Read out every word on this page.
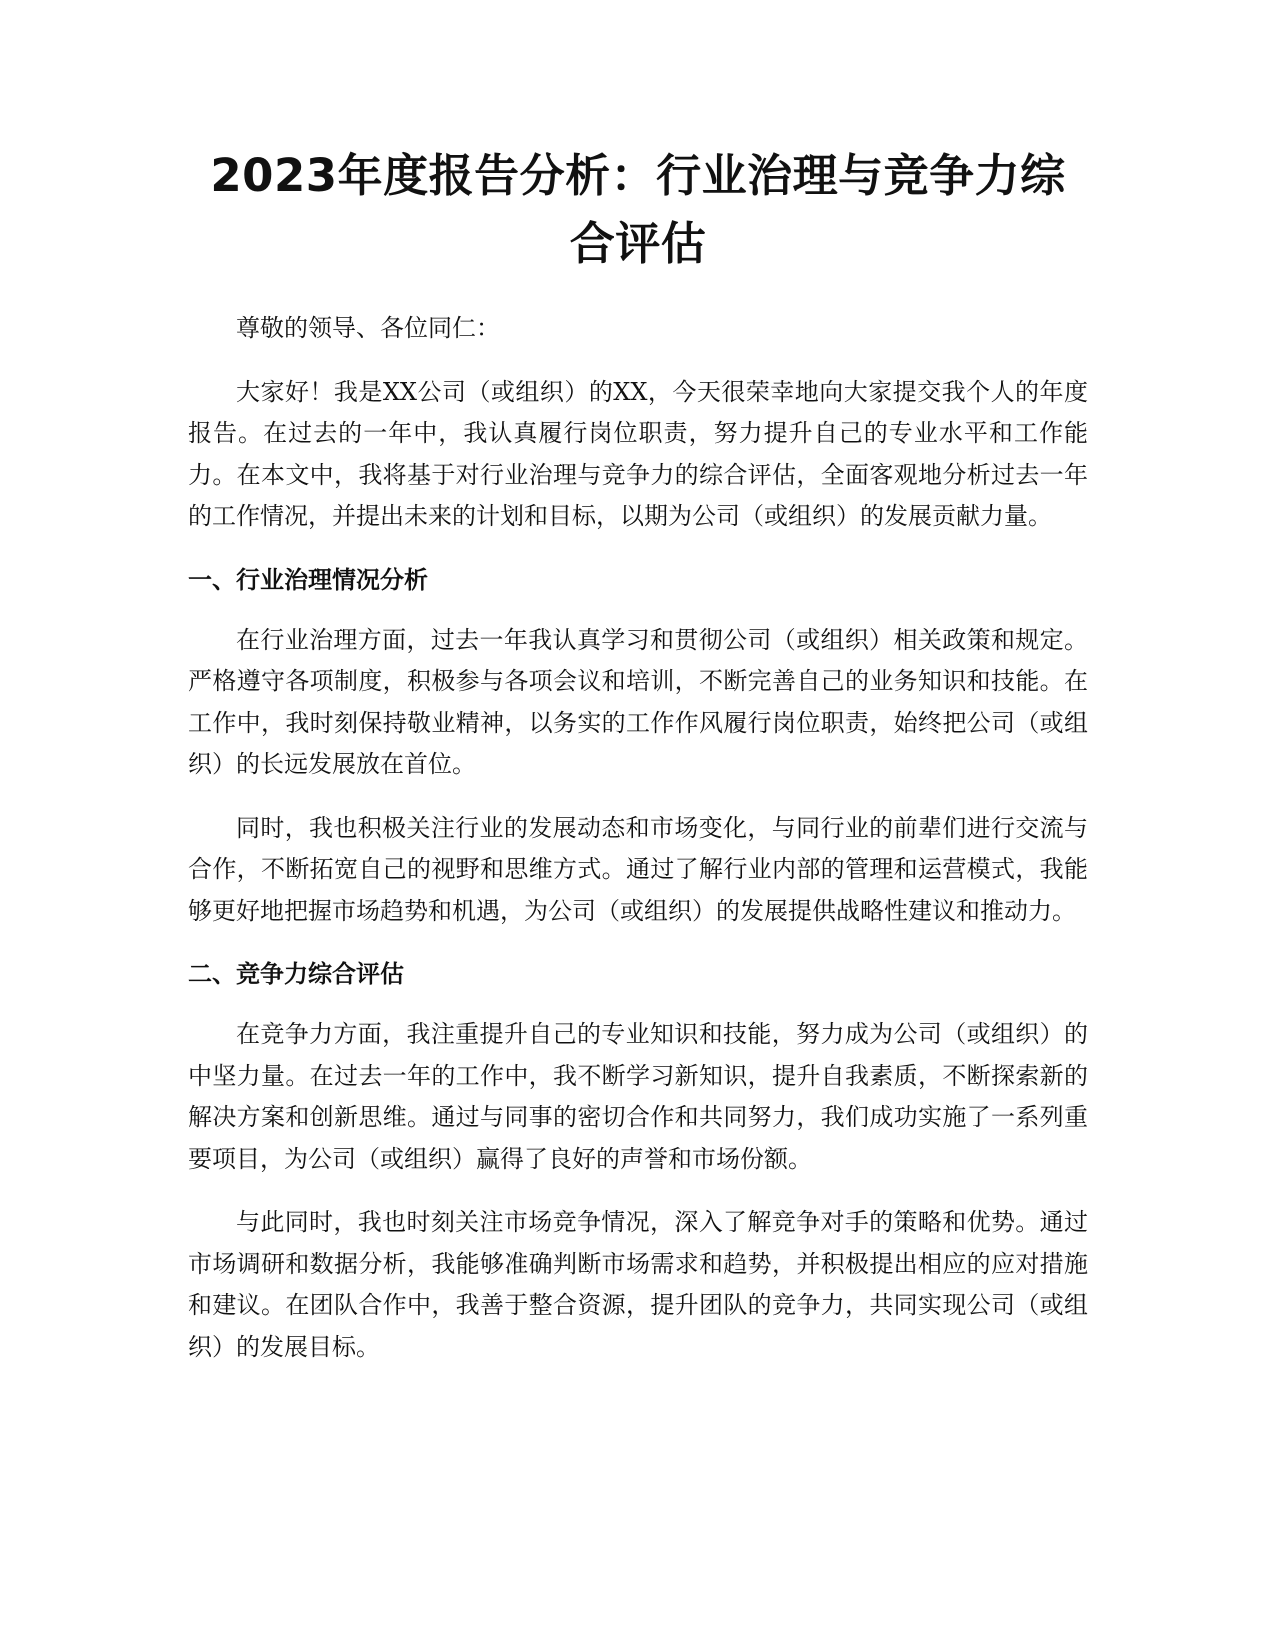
2023年度报告分析：行业治理与竞争力综合评估

尊敬的领导、各位同仁：

大家好！我是XX公司（或组织）的XX，今天很荣幸地向大家提交我个人的年度报告。在过去的一年中，我认真履行岗位职责，努力提升自己的专业水平和工作能力。在本文中，我将基于对行业治理与竞争力的综合评估，全面客观地分析过去一年的工作情况，并提出未来的计划和目标，以期为公司（或组织）的发展贡献力量。

一、行业治理情况分析

在行业治理方面，过去一年我认真学习和贯彻公司（或组织）相关政策和规定。严格遵守各项制度，积极参与各项会议和培训，不断完善自己的业务知识和技能。在工作中，我时刻保持敬业精神，以务实的工作作风履行岗位职责，始终把公司（或组织）的长远发展放在首位。

同时，我也积极关注行业的发展动态和市场变化，与同行业的前辈们进行交流与合作，不断拓宽自己的视野和思维方式。通过了解行业内部的管理和运营模式，我能够更好地把握市场趋势和机遇，为公司（或组织）的发展提供战略性建议和推动力。

二、竞争力综合评估

在竞争力方面，我注重提升自己的专业知识和技能，努力成为公司（或组织）的中坚力量。在过去一年的工作中，我不断学习新知识，提升自我素质，不断探索新的解决方案和创新思维。通过与同事的密切合作和共同努力，我们成功实施了一系列重要项目，为公司（或组织）赢得了良好的声誉和市场份额。

与此同时，我也时刻关注市场竞争情况，深入了解竞争对手的策略和优势。通过市场调研和数据分析，我能够准确判断市场需求和趋势，并积极提出相应的应对措施和建议。在团队合作中，我善于整合资源，提升团队的竞争力，共同实现公司（或组织）的发展目标。
